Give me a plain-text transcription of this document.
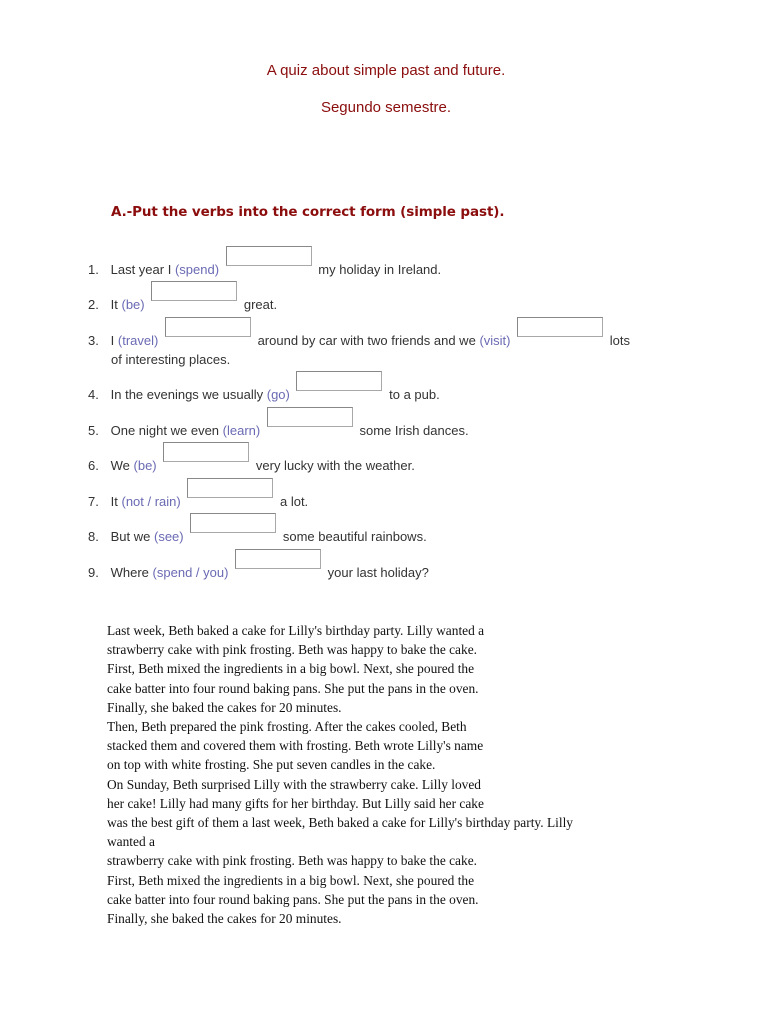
A quiz about simple past and future.
Segundo semestre.
A.-Put the verbs into the correct form (simple past).
1. Last year I (spend)	my holiday in Ireland.
2. It (be)	great.
3. I (travel)	around by car with two friends and we (visit)	lots
of interesting places.
4. In the evenings we usually (go)	to a pub.
5. One night we even (learn)	some Irish dances.
6. We (be)	very lucky with the weather.
7. It (not / rain)	a lot.
8. But we (see)	some beautiful rainbows.
9. Where (spend / you)	your last holiday?
Last week, Beth baked a cake for Lilly's birthday party. Lilly wanted a
strawberry cake with pink frosting. Beth was happy to bake the cake.
First, Beth mixed the ingredients in a big bowl. Next, she poured the
cake batter into four round baking pans. She put the pans in the oven.
Finally, she baked the cakes for 20 minutes.
Then, Beth prepared the pink frosting. After the cakes cooled, Beth
stacked them and covered them with frosting. Beth wrote Lilly's name
on top with white frosting. She put seven candles in the cake.
On Sunday, Beth surprised Lilly with the strawberry cake. Lilly loved
her cake! Lilly had many gifts for her birthday. But Lilly said her cake
was the best gift of them a last week, Beth baked a cake for Lilly's birthday party. Lilly
wanted a
strawberry cake with pink frosting. Beth was happy to bake the cake.
First, Beth mixed the ingredients in a big bowl. Next, she poured the
cake batter into four round baking pans. She put the pans in the oven.
Finally, she baked the cakes for 20 minutes.
